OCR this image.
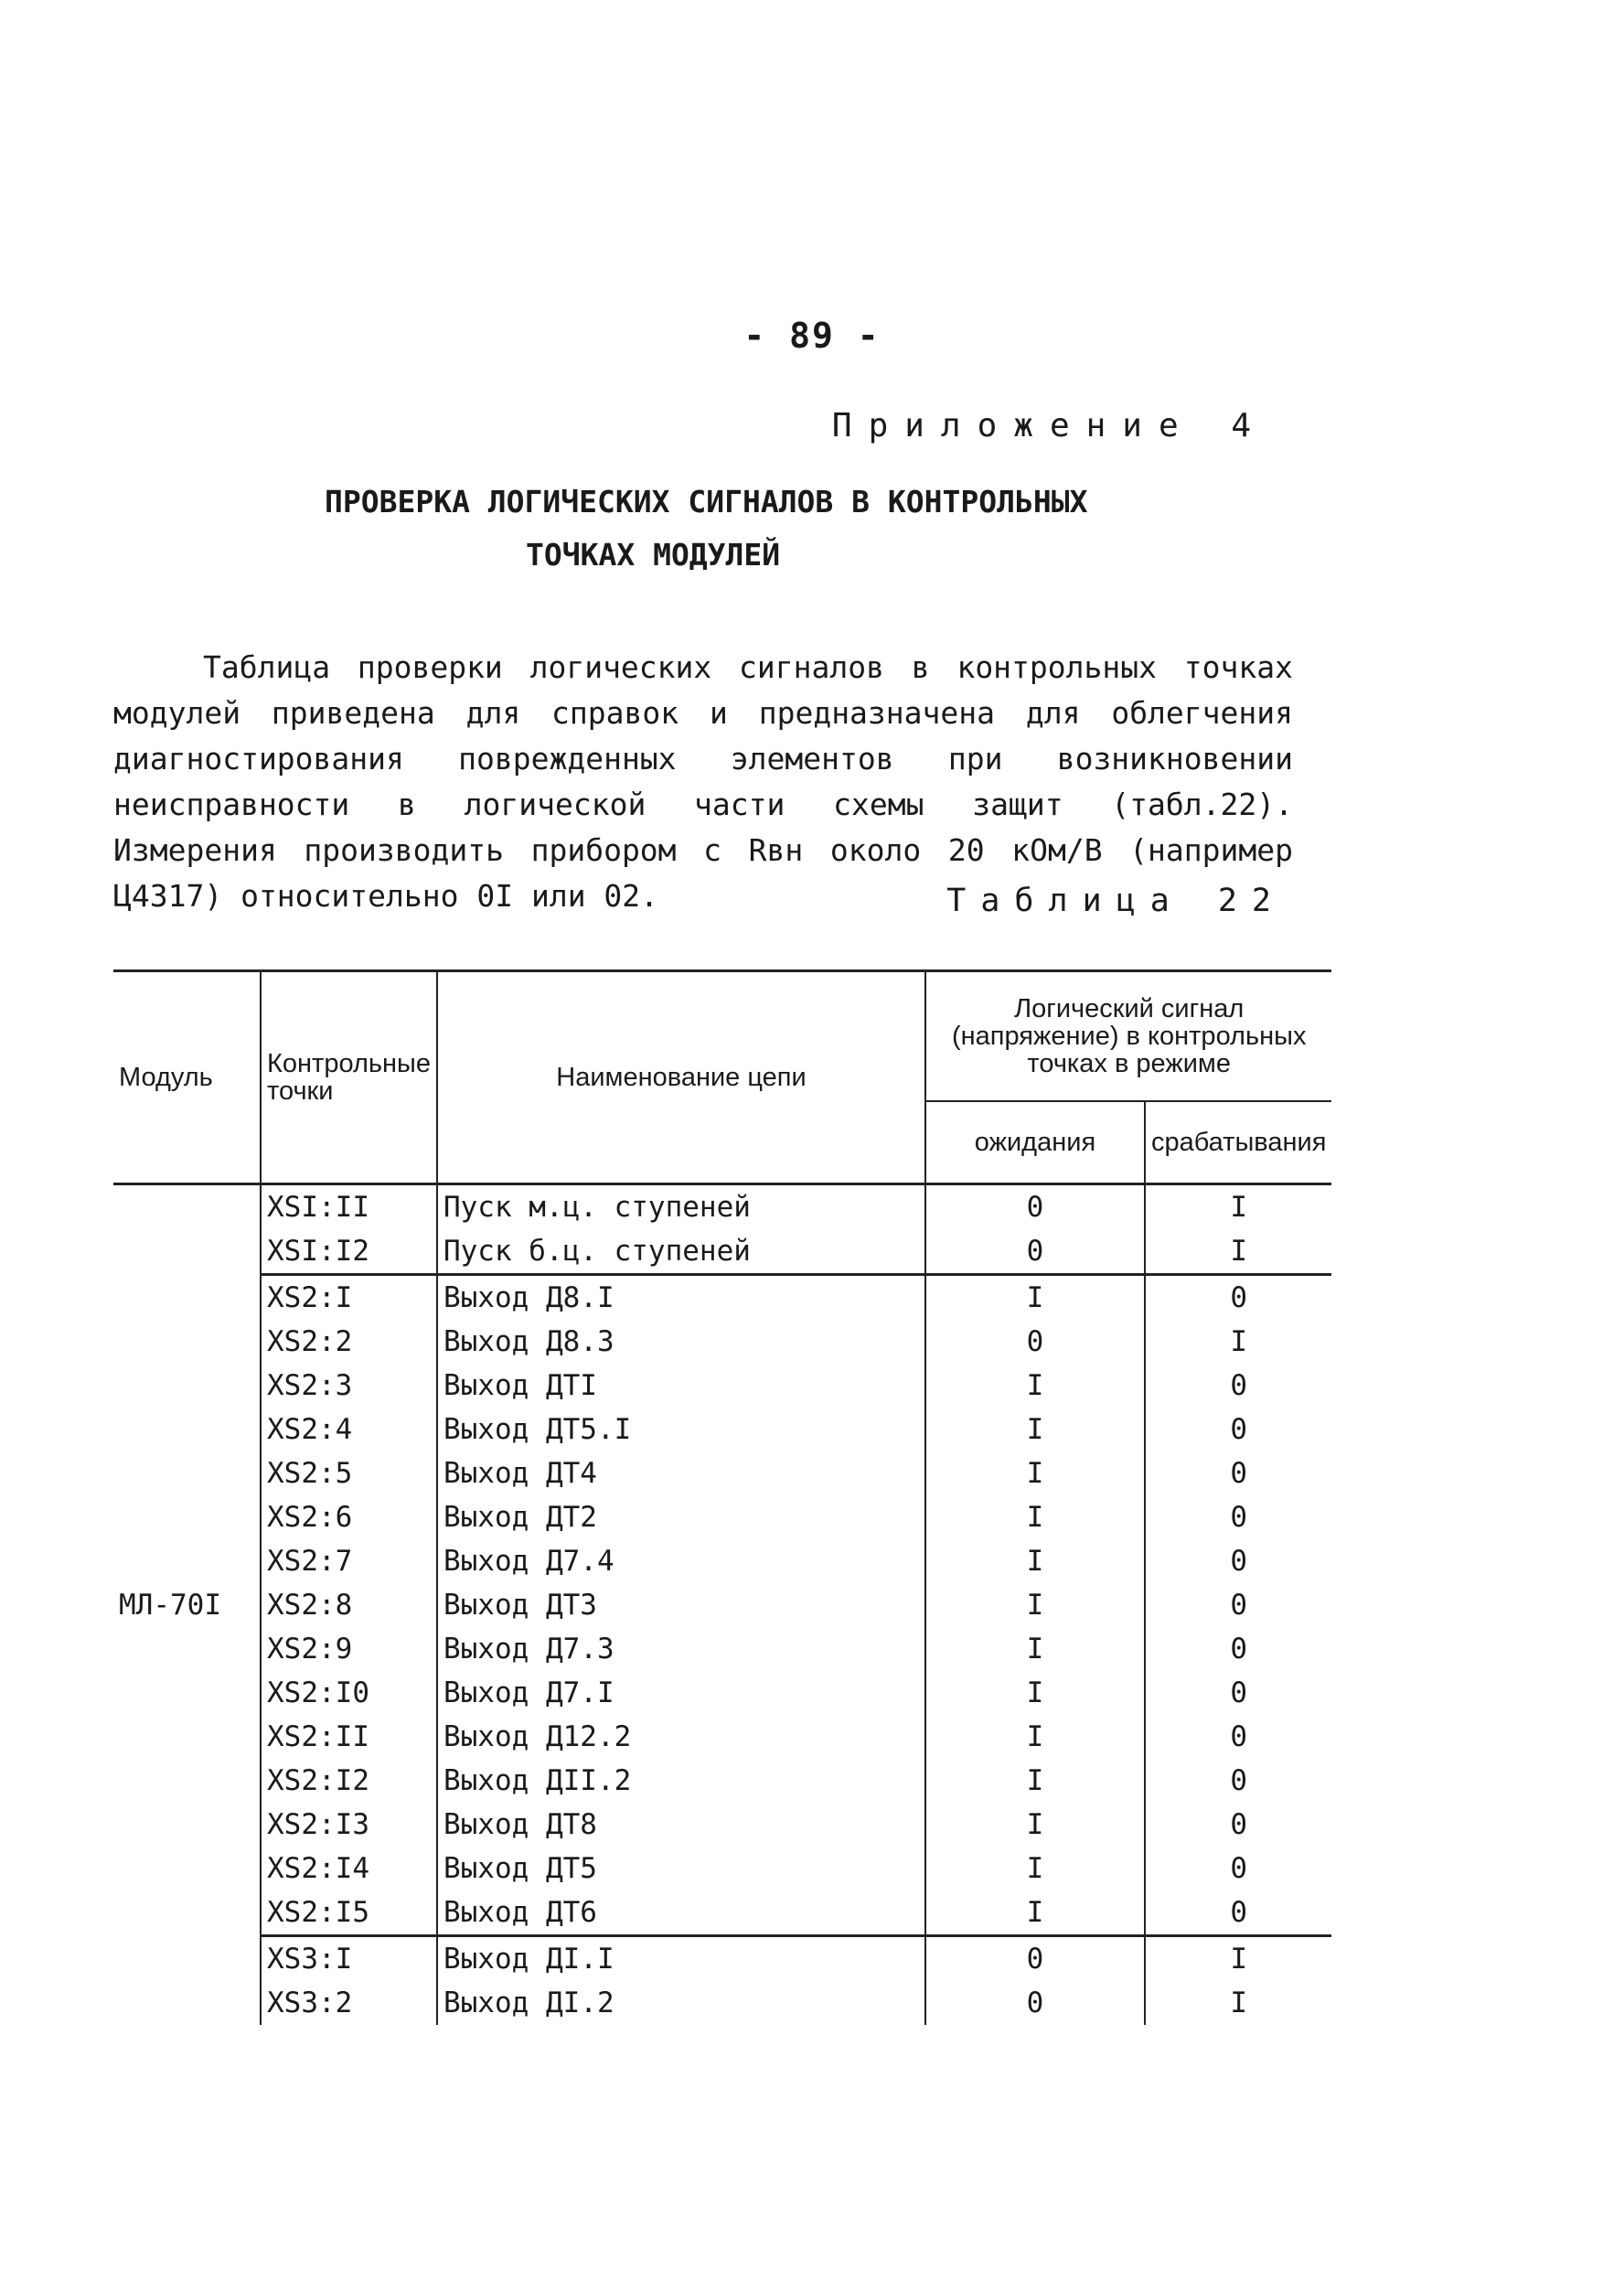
- 89 -
Приложение 4
ПРОВЕРКА ЛОГИЧЕСКИХ СИГНАЛОВ В КОНТРОЛЬНЫХ
ТОЧКАХ МОДУЛЕЙ

Таблица проверки логических сигналов в контрольных точках модулей приведена для справок и предназначена для облегчения диагностирования поврежденных элементов при возникновении неисправности в логической части схемы защит (табл.22). Измерения производить прибором с Rвн около 20 кОм/В (например Ц4317) относительно 0I или 02.	Таблица 22
Модуль	Контрольные точки	Наименование цепи	Логический сигнал (напряжение) в контрольных точках в режиме	
			ожидания	срабатывания
МЛ-70I	XSI:II	Пуск м.ц. ступеней	0	I
	XSI:I2	Пуск б.ц. ступеней	0	I
	XS2:I	Выход Д8.I	I	0
	XS2:2	Выход Д8.3	0	I
	XS2:3	Выход ДТI	I	0
	XS2:4	Выход ДТ5.I	I	0
	XS2:5	Выход ДТ4	I	0
	XS2:6	Выход ДТ2	I	0
	XS2:7	Выход Д7.4	I	0
	XS2:8	Выход ДТ3	I	0
	XS2:9	Выход Д7.3	I	0
	XS2:I0	Выход Д7.I	I	0
	XS2:II	Выход Д12.2	I	0
	XS2:I2	Выход ДII.2	I	0
	XS2:I3	Выход ДТ8	I	0
	XS2:I4	Выход ДТ5	I	0
	XS2:I5	Выход ДТ6	I	0
	XS3:I	Выход ДI.I	0	I
	XS3:2	Выход ДI.2	0	I
